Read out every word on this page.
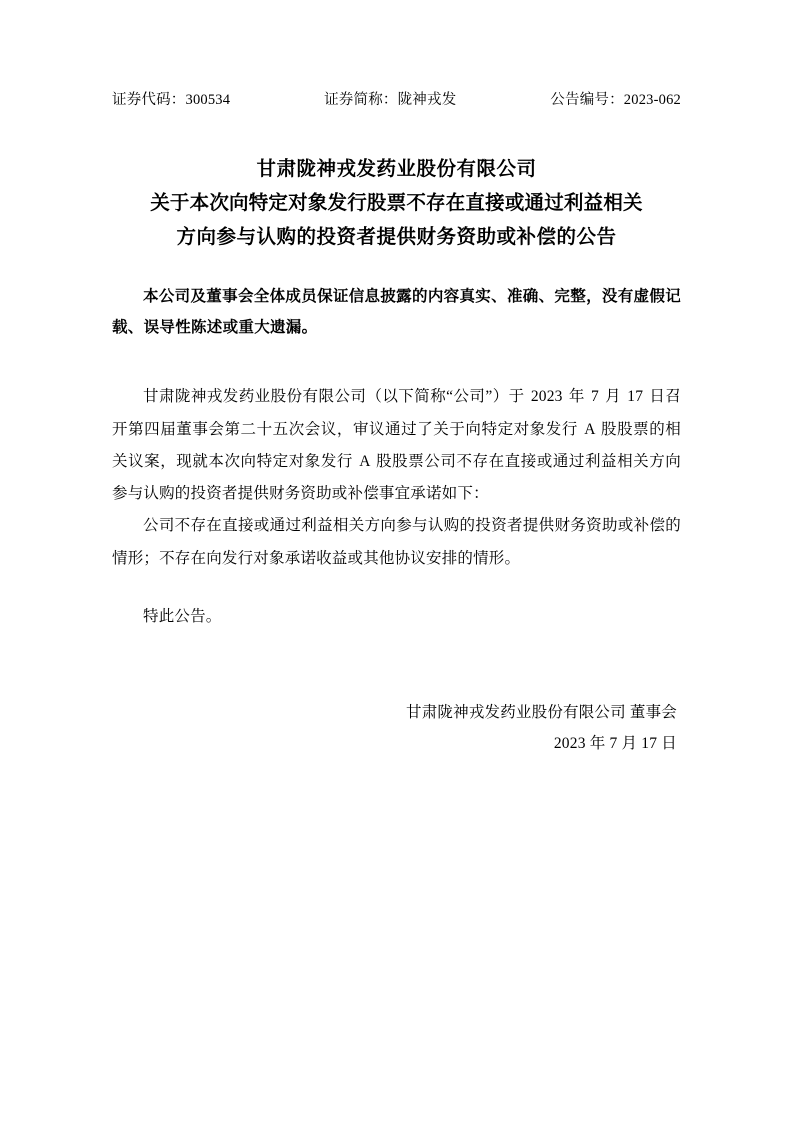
证券代码：300534	证券简称：陇神戎发	公告编号：2023-062
甘肃陇神戎发药业股份有限公司
关于本次向特定对象发行股票不存在直接或通过利益相关
方向参与认购的投资者提供财务资助或补偿的公告
本公司及董事会全体成员保证信息披露的内容真实、准确、完整，没有虚假记载、误导性陈述或重大遗漏。

甘肃陇神戎发药业股份有限公司（以下简称“公司”）于 2023 年 7 月 17 日召开第四届董事会第二十五次会议，审议通过了关于向特定对象发行 A 股股票的相关议案，现就本次向特定对象发行 A 股股票公司不存在直接或通过利益相关方向参与认购的投资者提供财务资助或补偿事宜承诺如下：

公司不存在直接或通过利益相关方向参与认购的投资者提供财务资助或补偿的情形；不存在向发行对象承诺收益或其他协议安排的情形。

特此公告。

甘肃陇神戎发药业股份有限公司 董事会
2023 年 7 月 17 日
